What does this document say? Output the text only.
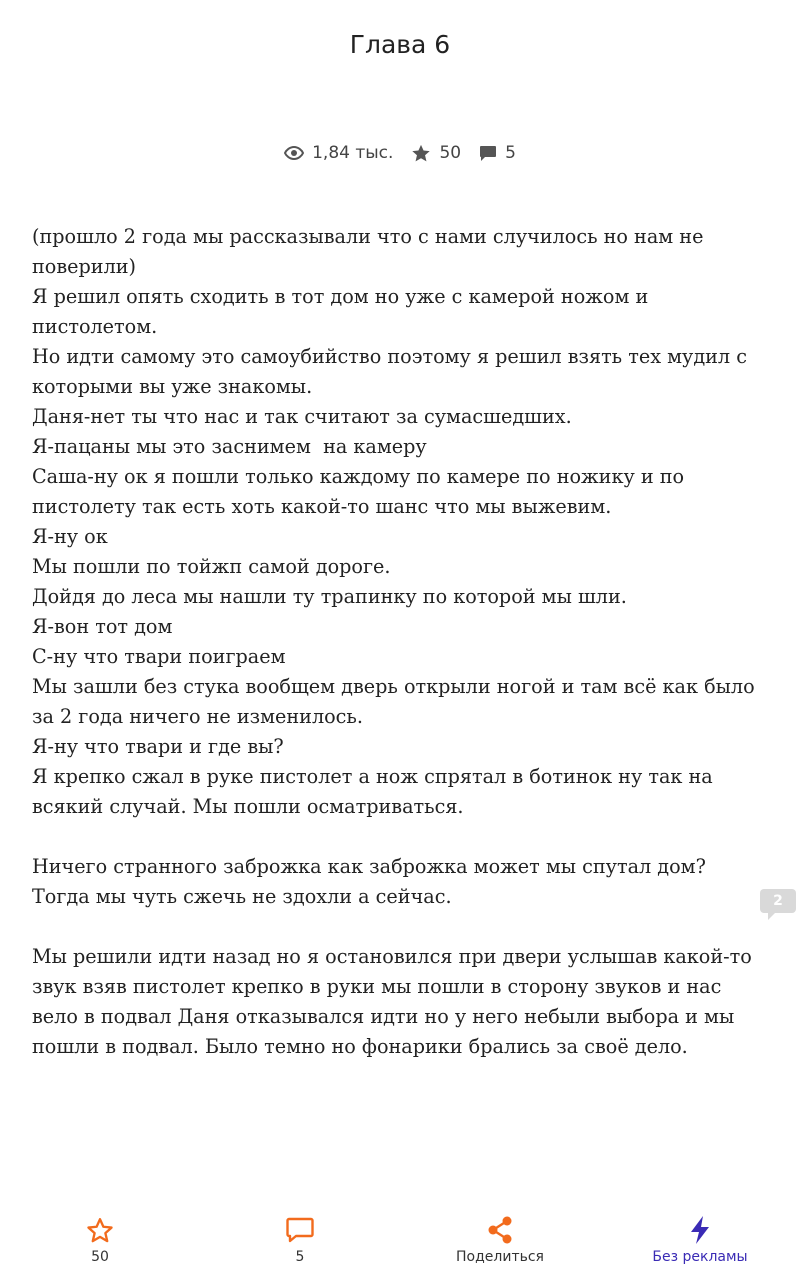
Глава 6
1,84 тыс.	50	5

(прошло 2 года мы рассказывали что с нами случилось но нам не поверили)

Я решил опять сходить в тот дом но уже с камерой ножом и пистолетом.

Но идти самому это самоубийство поэтому я решил взять тех мудил с которыми вы уже знакомы.

Даня-нет ты что нас и так считают за сумасшедших.

Я-пацаны мы это заснимем  на камеру

Саша-ну ок я пошли только каждому по камере по ножику и по пистолету так есть хоть какой-то шанс что мы выжевим.

Я-ну ок

Мы пошли по тойжп самой дороге.

Дойдя до леса мы нашли ту трапинку по которой мы шли.

Я-вон тот дом

С-ну что твари поиграем

Мы зашли без стука вообщем дверь открыли ногой и там всё как было за 2 года ничего не изменилось.

Я-ну что твари и где вы?

Я крепко сжал в руке пистолет а нож спрятал в ботинок ну так на всякий случай. Мы пошли осматриваться.

Ничего странного заброжка как заброжка может мы спутал дом? Тогда мы чуть сжечь не здохли а сейчас.

Мы решили идти назад но я остановился при двери услышав какой-то звук взяв пистолет крепко в руки мы пошли в сторону звуков и нас вело в подвал Даня отказывался идти но у него небыли выбора и мы пошли в подвал. Было темно но фонарики брались за своё дело.

2
50	5	Поделиться	Без рекламы
